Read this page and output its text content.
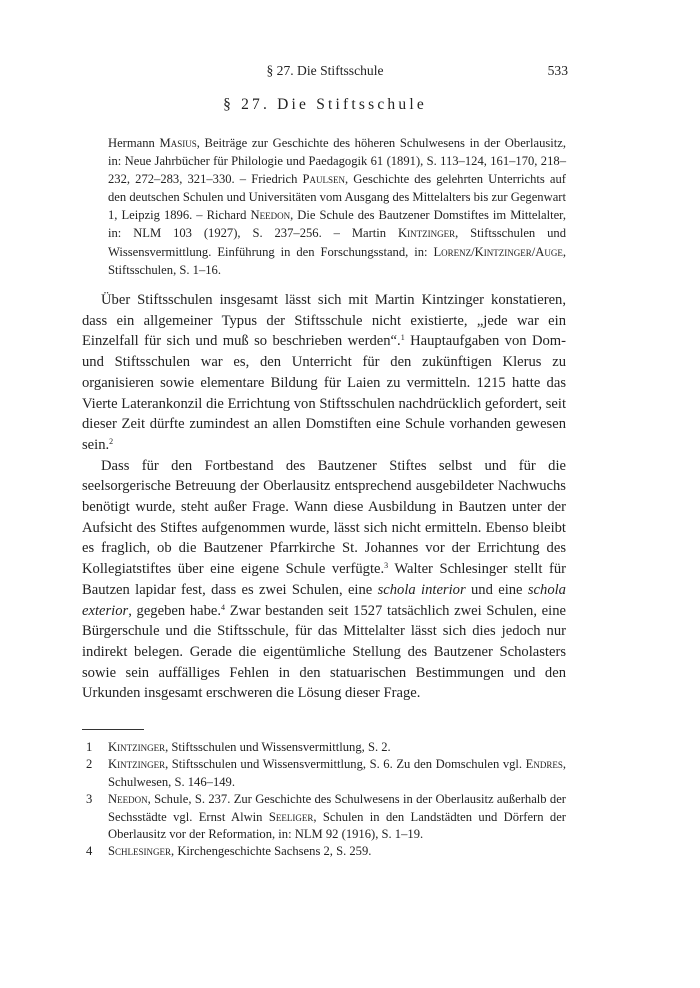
§ 27. Die Stiftsschule	533
§ 27. Die Stiftsschule
Hermann Masius, Beiträge zur Geschichte des höheren Schulwesens in der Oberlausitz, in: Neue Jahrbücher für Philologie und Paedagogik 61 (1891), S. 113–124, 161–170, 218–232, 272–283, 321–330. – Friedrich Paulsen, Geschichte des gelehrten Unterrichts auf den deutschen Schulen und Universitäten vom Ausgang des Mittelalters bis zur Gegenwart 1, Leipzig 1896. – Richard Needon, Die Schule des Bautzener Domstiftes im Mittelalter, in: NLM 103 (1927), S. 237–256. – Martin Kintzinger, Stiftsschulen und Wissensvermittlung. Einführung in den Forschungsstand, in: Lorenz/Kintzinger/Auge, Stiftsschulen, S. 1–16.

Über Stiftsschulen insgesamt lässt sich mit Martin Kintzinger konstatieren, dass ein allgemeiner Typus der Stiftsschule nicht existierte, „jede war ein Einzelfall für sich und muß so beschrieben werden“.$^1$ Hauptaufgaben von Dom- und Stiftsschulen war es, den Unterricht für den zukünftigen Klerus zu organisieren sowie elementare Bildung für Laien zu vermitteln. 1215 hatte das Vierte Laterankonzil die Errichtung von Stiftsschulen nachdrücklich gefordert, seit dieser Zeit dürfte zumindest an allen Domstiften eine Schule vorhanden gewesen sein.$^2$

Dass für den Fortbestand des Bautzener Stiftes selbst und für die seelsorgerische Betreuung der Oberlausitz entsprechend ausgebildeter Nachwuchs benötigt wurde, steht außer Frage. Wann diese Ausbildung in Bautzen unter der Aufsicht des Stiftes aufgenommen wurde, lässt sich nicht ermitteln. Ebenso bleibt es fraglich, ob die Bautzener Pfarrkirche St. Johannes vor der Errichtung des Kollegiatstiftes über eine eigene Schule verfügte.$^3$ Walter Schlesinger stellt für Bautzen lapidar fest, dass es zwei Schulen, eine schola interior und eine schola exterior, gegeben habe.$^4$ Zwar bestanden seit 1527 tatsächlich zwei Schulen, eine Bürgerschule und die Stiftsschule, für das Mittelalter lässt sich dies jedoch nur indirekt belegen. Gerade die eigentümliche Stellung des Bautzener Scholasters sowie sein auffälliges Fehlen in den statuarischen Bestimmungen und den Urkunden insgesamt erschweren die Lösung dieser Frage.

1 Kintzinger, Stiftsschulen und Wissensvermittlung, S. 2.
2 Kintzinger, Stiftsschulen und Wissensvermittlung, S. 6. Zu den Domschulen vgl. Endres, Schulwesen, S. 146–149.
3 Needon, Schule, S. 237. Zur Geschichte des Schulwesens in der Oberlausitz außerhalb der Sechsstädte vgl. Ernst Alwin Seeliger, Schulen in den Landstädten und Dörfern der Oberlausitz vor der Reformation, in: NLM 92 (1916), S. 1–19.
4 Schlesinger, Kirchengeschichte Sachsens 2, S. 259.
